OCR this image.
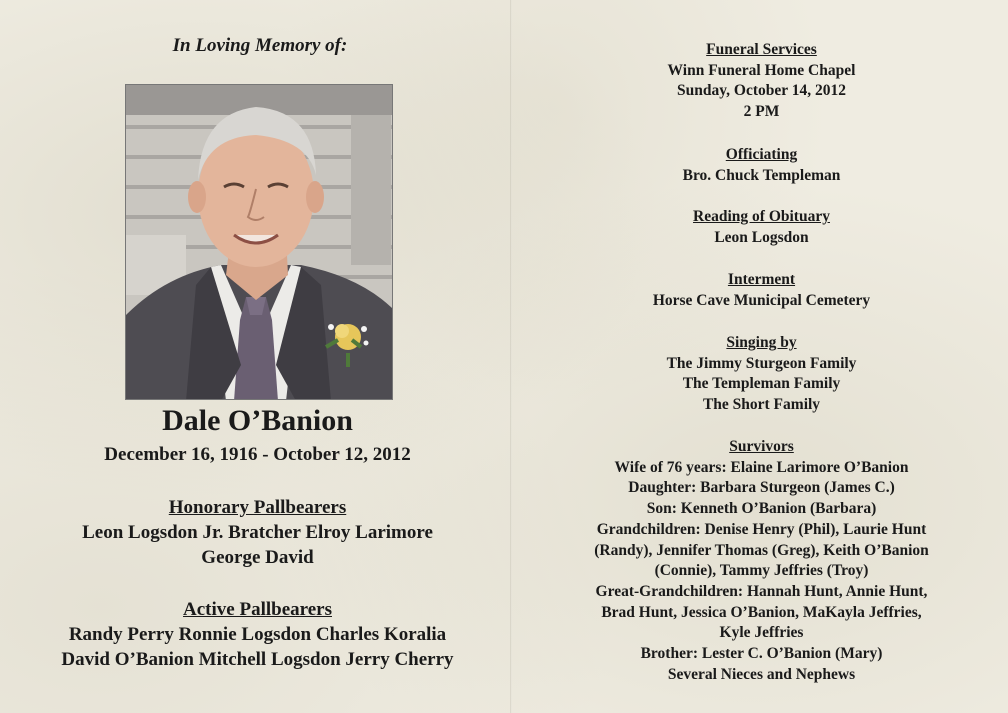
In Loving Memory of:
Dale O’Banion
December 16, 1916 - October 12, 2012
Honorary Pallbearers
Leon Logsdon Jr. Bratcher Elroy Larimore
George David
Active Pallbearers
Randy Perry Ronnie Logsdon Charles Koralia
David O’Banion Mitchell Logsdon Jerry Cherry
Funeral Services
Winn Funeral Home Chapel
Sunday, October 14, 2012
2 PM
Officiating
Bro. Chuck Templeman
Reading of Obituary
Leon Logsdon
Interment
Horse Cave Municipal Cemetery
Singing by
The Jimmy Sturgeon Family
The Templeman Family
The Short Family
Survivors
Wife of 76 years: Elaine Larimore O’Banion
Daughter: Barbara Sturgeon (James C.)
Son: Kenneth O’Banion (Barbara)
Grandchildren: Denise Henry (Phil), Laurie Hunt
(Randy), Jennifer Thomas (Greg), Keith O’Banion
(Connie), Tammy Jeffries (Troy)
Great-Grandchildren: Hannah Hunt, Annie Hunt,
Brad Hunt, Jessica O’Banion, MaKayla Jeffries,
Kyle Jeffries
Brother: Lester C. O’Banion (Mary)
Several Nieces and Nephews
